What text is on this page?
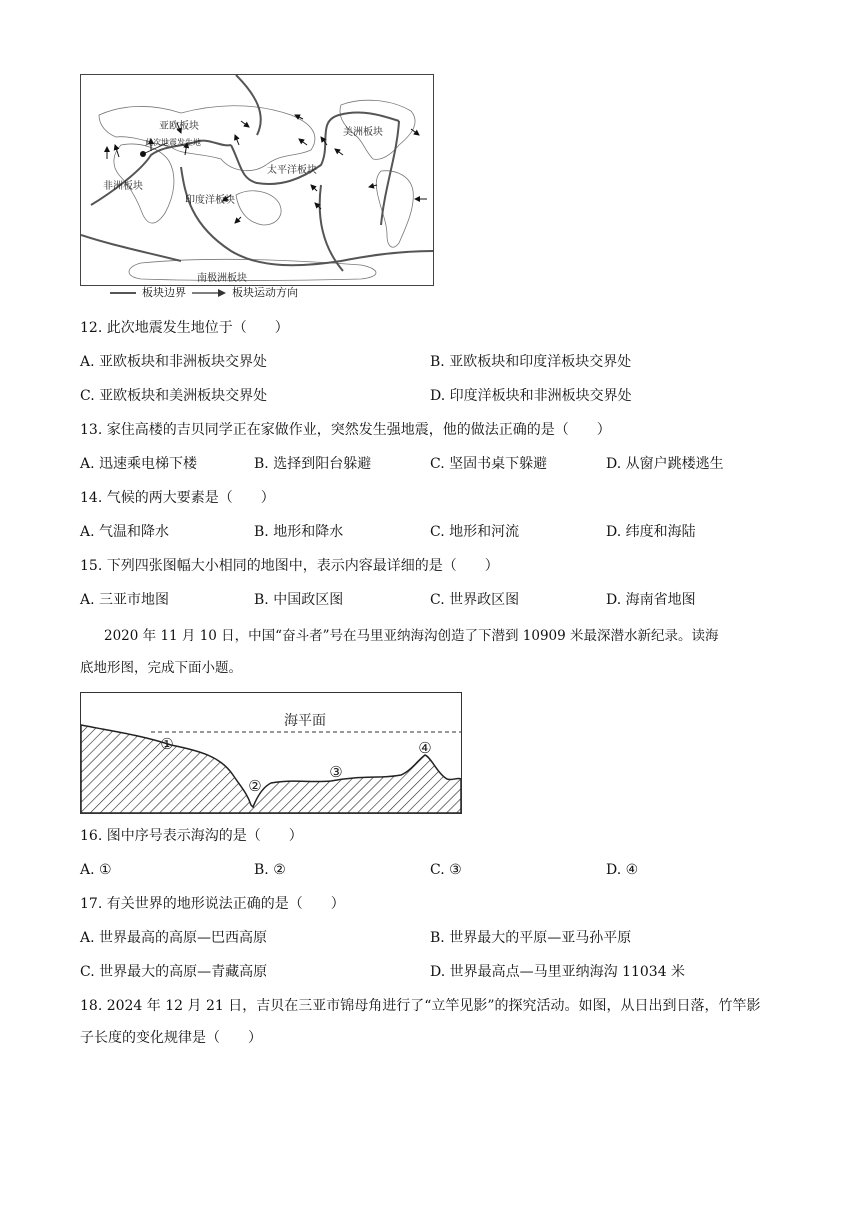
亚欧板块
此次地震发生地
非洲板块
美洲板块
太平洋板块
印度洋板块
南极洲板块
板块边界	板块运动方向
12. 此次地震发生地位于（　　）
A. 亚欧板块和非洲板块交界处	B. 亚欧板块和印度洋板块交界处
C. 亚欧板块和美洲板块交界处	D. 印度洋板块和非洲板块交界处
13. 家住高楼的吉贝同学正在家做作业，突然发生强地震，他的做法正确的是（　　）
A. 迅速乘电梯下楼	B. 选择到阳台躲避	C. 坚固书桌下躲避	D. 从窗户跳楼逃生
14. 气候的两大要素是（　　）
A. 气温和降水	B. 地形和降水	C. 地形和河流	D. 纬度和海陆
15. 下列四张图幅大小相同的地图中，表示内容最详细的是（　　）
A. 三亚市地图	B. 中国政区图	C. 世界政区图	D. 海南省地图
2020 年 11 月 10 日，中国“奋斗者”号在马里亚纳海沟创造了下潜到 10909 米最深潜水新纪录。读海
底地形图，完成下面小题。
海平面
①
②
③
④
16. 图中序号表示海沟的是（　　）
A. ①	B. ②	C. ③	D. ④
17. 有关世界的地形说法正确的是（　　）
A. 世界最高的高原—巴西高原	B. 世界最大的平原—亚马孙平原
C. 世界最大的高原—青藏高原	D. 世界最高点—马里亚纳海沟 11034 米
18. 2024 年 12 月 21 日，吉贝在三亚市锦母角进行了“立竿见影”的探究活动。如图，从日出到日落，竹竿影
子长度的变化规律是（　　）
